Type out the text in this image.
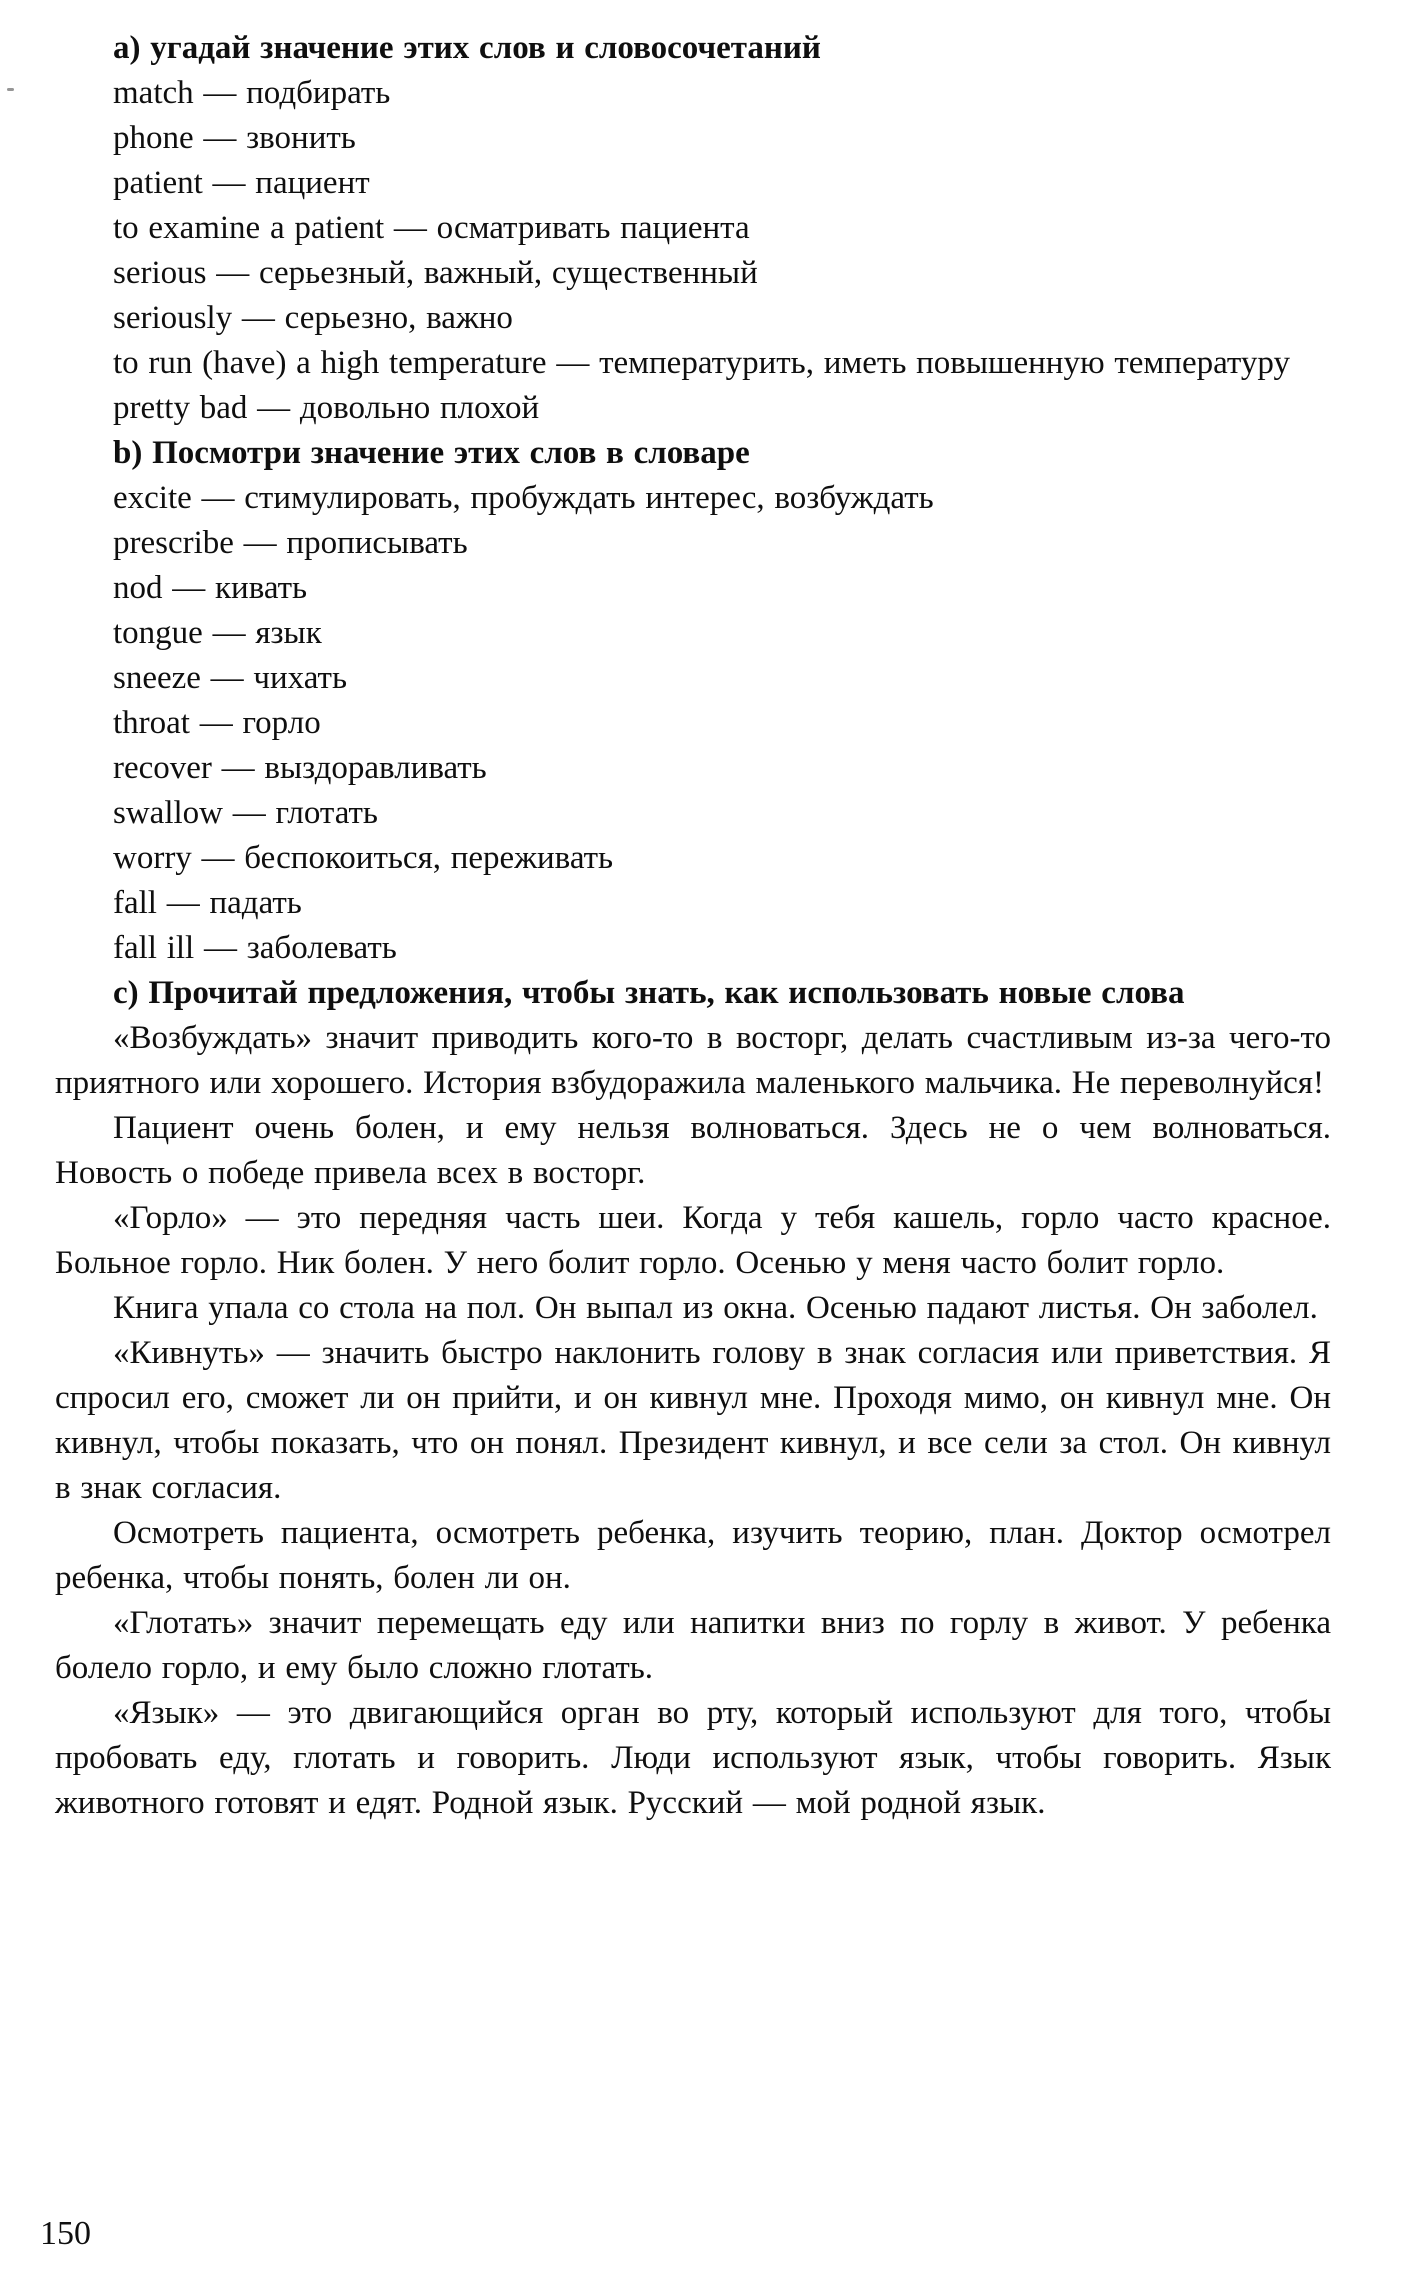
а) угадай значение этих слов и словосочетаний

match — подбирать

phone — звонить

patient — пациент

to examine a patient — осматривать пациента

serious — серьезный, важный, существенный

seriously — серьезно, важно

to run (have) a high temperature — температурить, иметь повышенную температуру

pretty bad — довольно плохой

b) Посмотри значение этих слов в словаре

excite — стимулировать, пробуждать интерес, возбуждать

prescribe — прописывать

nod — кивать

tongue — язык

sneeze — чихать

throat — горло

recover — выздоравливать

swallow — глотать

worry — беспокоиться, переживать

fall — падать

fall ill — заболевать

с) Прочитай предложения, чтобы знать, как использовать новые слова

«Возбуждать» значит приводить кого-то в восторг, делать счастливым из-за чего-то приятного или хорошего. История взбудоражила маленького мальчика. Не переволнуйся!

Пациент очень болен, и ему нельзя волноваться. Здесь не о чем волноваться. Новость о победе привела всех в восторг.

«Горло» — это передняя часть шеи. Когда у тебя кашель, горло часто красное. Больное горло. Ник болен. У него болит горло. Осенью у меня часто болит горло.

Книга упала со стола на пол. Он выпал из окна. Осенью падают листья. Он заболел.

«Кивнуть» — значить быстро наклонить голову в знак согласия или приветствия. Я спросил его, сможет ли он прийти, и он кивнул мне. Проходя мимо, он кивнул мне. Он кивнул, чтобы показать, что он понял. Президент кивнул, и все сели за стол. Он кивнул в знак согласия.

Осмотреть пациента, осмотреть ребенка, изучить теорию, план. Доктор осмотрел ребенка, чтобы понять, болен ли он.

«Глотать» значит перемещать еду или напитки вниз по горлу в живот. У ребенка болело горло, и ему было сложно глотать.

«Язык» — это двигающийся орган во рту, который используют для того, чтобы пробовать еду, глотать и говорить. Люди используют язык, чтобы говорить. Язык животного готовят и едят. Родной язык. Русский — мой родной язык.

150
